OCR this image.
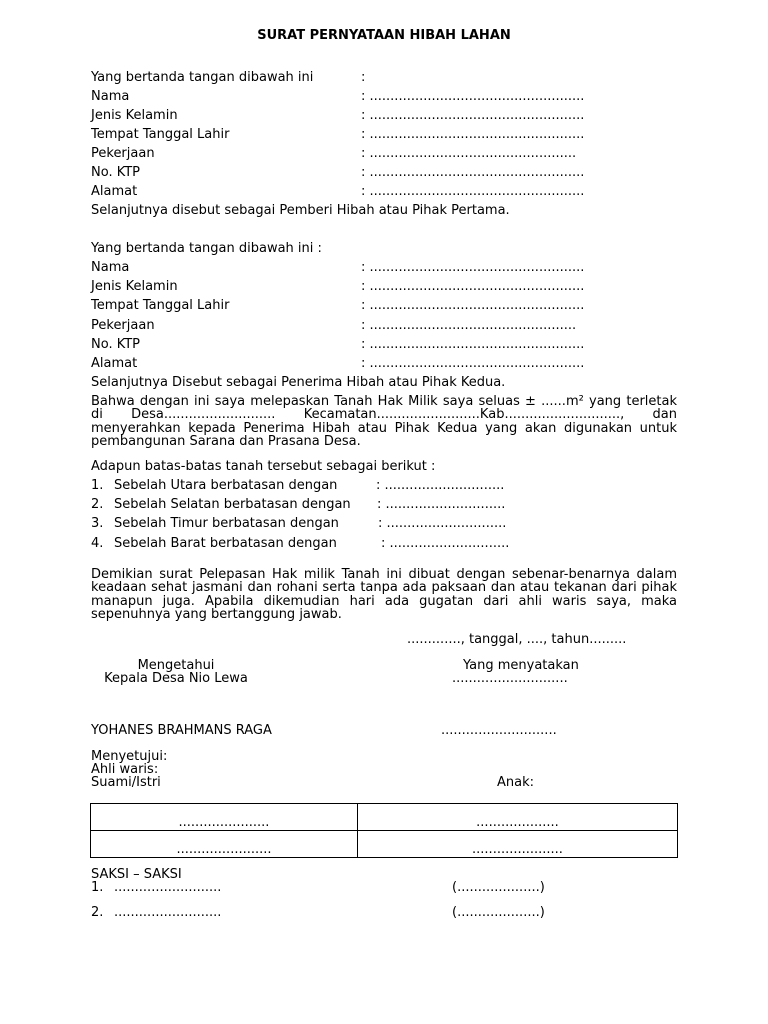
SURAT PERNYATAAN HIBAH LAHAN
Yang bertanda tangan dibawah ini	:
Nama	: ....................................................
Jenis Kelamin	: ....................................................
Tempat Tanggal Lahir	: ....................................................
Pekerjaan	: ..................................................
No. KTP	: ....................................................
Alamat	: ....................................................
Selanjutnya disebut sebagai Pemberi Hibah atau Pihak Pertama.
Yang bertanda tangan dibawah ini :
Nama	: ....................................................
Jenis Kelamin	: ....................................................
Tempat Tanggal Lahir	: ....................................................
Pekerjaan	: ..................................................
No. KTP	: ....................................................
Alamat	: ....................................................
Selanjutnya Disebut sebagai Penerima Hibah atau Pihak Kedua.
Bahwa dengan ini saya melepaskan Tanah Hak Milik saya seluas ± ......m² yang terletak di Desa........................... Kecamatan.........................Kab............................, dan menyerahkan kepada Penerima Hibah atau Pihak Kedua yang akan digunakan untuk pembangunan Sarana dan Prasana Desa.
Adapun batas-batas tanah tersebut sebagai berikut :
1. Sebelah Utara berbatasan dengan	: .............................
2. Sebelah Selatan berbatasan dengan : .............................
3. Sebelah Timur berbatasan dengan	: .............................
4. Sebelah Barat berbatasan dengan	: .............................
Demikian surat Pelepasan Hak milik Tanah ini dibuat dengan sebenar-benarnya dalam keadaan sehat jasmani dan rohani serta tanpa ada paksaan dan atau tekanan dari pihak manapun juga. Apabila dikemudian hari ada gugatan dari ahli waris saya, maka sepenuhnya yang bertanggung jawab.
............., tanggal, ...., tahun.........
Mengetahui
Kepala Desa Nio Lewa
Yang menyatakan
............................
YOHANES BRAHMANS RAGA	............................
Menyetujui:
Ahli waris:
Suami/Istri	Anak:
......................	....................
.......................	......................
SAKSI – SAKSI
1. ..........................	(....................)
2. ..........................	(....................)
